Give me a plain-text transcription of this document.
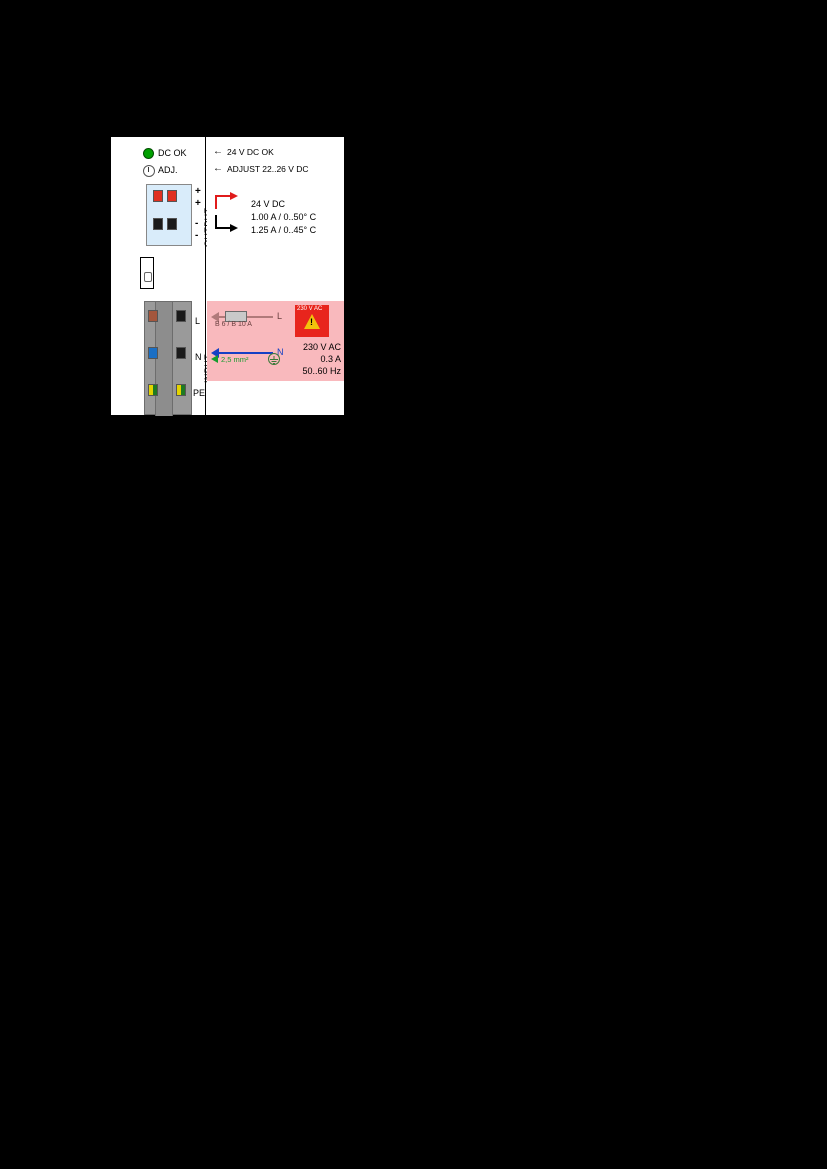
DC OK
ADJ.
+
+
-
-
L
N
PE
← 24 V DC OK
← ADJUST 22..26 V DC
24 V DC
1.00 A / 0..50° C
1.25 A / 0..45° C
B 6 / B 10 A
L
N
230 V AC
!
230 V AC
0.3 A
50..60 Hz
2,5 mm²
